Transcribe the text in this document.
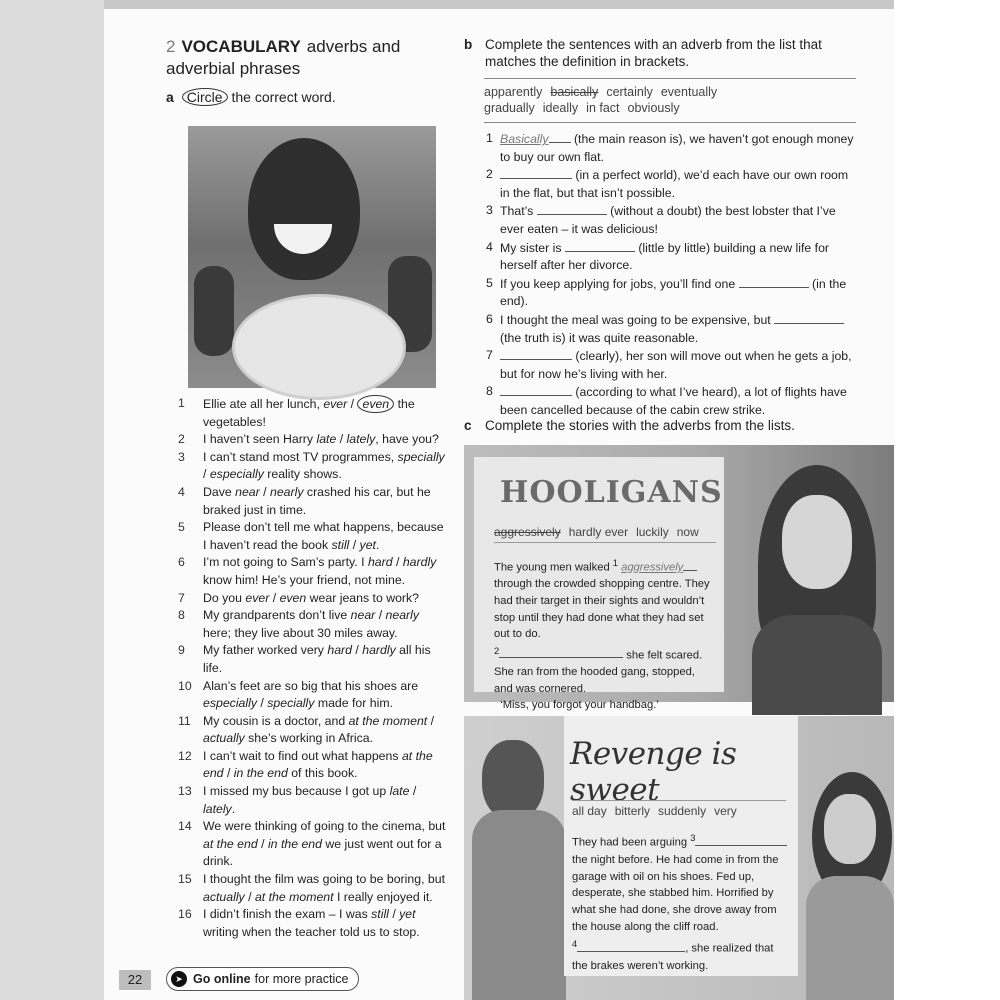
2 VOCABULARY adverbs and adverbial phrases
a Circle the correct word.
1	Ellie ate all her lunch, ever / even the vegetables!
2	I haven’t seen Harry late / lately, have you?
3	I can’t stand most TV programmes, specially / especially reality shows.
4	Dave near / nearly crashed his car, but he braked just in time.
5	Please don’t tell me what happens, because I haven’t read the book still / yet.
6	I’m not going to Sam’s party. I hard / hardly know him! He’s your friend, not mine.
7	Do you ever / even wear jeans to work?
8	My grandparents don’t live near / nearly here; they live about 30 miles away.
9	My father worked very hard / hardly all his life.
10 Alan’s feet are so big that his shoes are especially / specially made for him.
11 My cousin is a doctor, and at the moment / actually she’s working in Africa.
12 I can’t wait to find out what happens at the end / in the end of this book.
13 I missed my bus because I got up late / lately.
14 We were thinking of going to the cinema, but at the end / in the end we just went out for a drink.
15 I thought the film was going to be boring, but actually / at the moment I really enjoyed it.
16 I didn’t finish the exam – I was still / yet writing when the teacher told us to stop.
22	➤ Go online for more practice
b Complete the sentences with an adverb from the list that matches the definition in brackets.
apparently basically certainly eventually
gradually ideally in fact obviously
1 Basically (the main reason is), we haven’t got enough money to buy our own flat.
2	(in a perfect world), we’d each have our own room in the flat, but that isn’t possible.
3 That’s	(without a doubt) the best lobster that I’ve ever eaten – it was delicious!
4 My sister is	(little by little) building a new life for herself after her divorce.
5 If you keep applying for jobs, you’ll find one	(in the end).
6 I thought the meal was going to be expensive, but  (the truth is) it was quite reasonable.
7	(clearly), her son will move out when he gets a job, but for now he’s living with her.
8	(according to what I’ve heard), a lot of flights have been cancelled because of the cabin crew strike.
c Complete the stories with the adverbs from the lists.
HOOLIGANS
aggressively hardly ever luckily now
The young men walked $^1$ aggressively through the crowded shopping centre. They had their target in their sights and wouldn’t stop until they had done what they had set out to do.
$^2$	she felt scared. She ran from the hooded gang, stopped, and was cornered.
‘Miss, you forgot your handbag.’
Revenge is sweet
all day bitterly suddenly very
They had been arguing $^3$ the night before. He had come in from the garage with oil on his shoes. Fed up, desperate, she stabbed him. Horrified by what she had done, she drove away from the house along the cliff road.
$^4$	, she realized that the brakes weren’t working.
